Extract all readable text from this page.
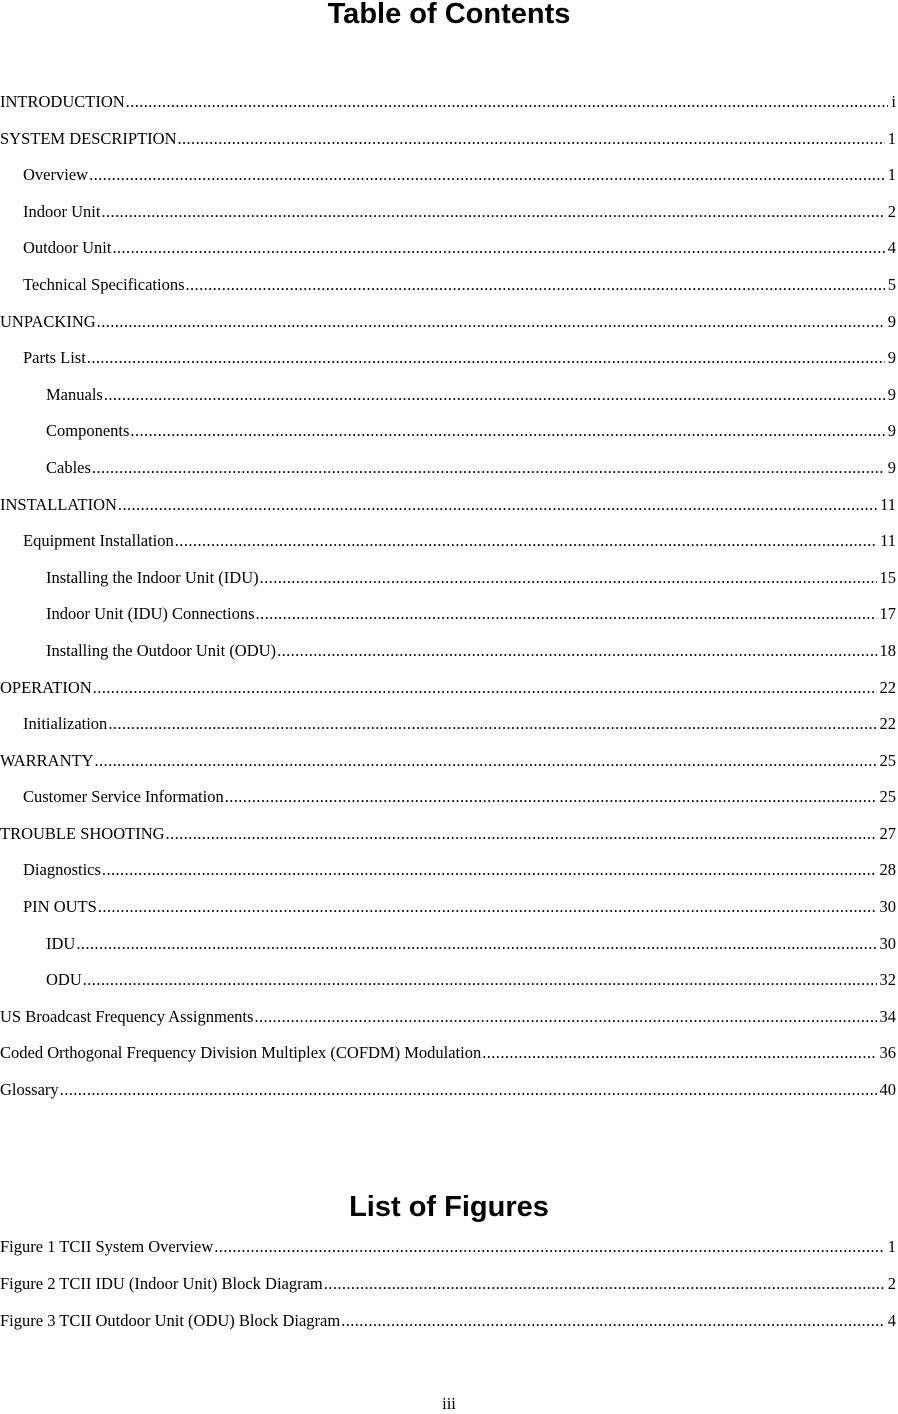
Table of Contents
INTRODUCTION .....	i
SYSTEM DESCRIPTION .....	1
Overview .....	1
Indoor Unit .....	2
Outdoor Unit .....	4
Technical Specifications .....	5
UNPACKING .....	9
Parts List .....	9
Manuals .....	9
Components .....	9
Cables .....	9
INSTALLATION .....	11
Equipment Installation .....	11
Installing the Indoor Unit (IDU) .....	15
Indoor Unit (IDU) Connections .....	17
Installing the Outdoor Unit (ODU) .....	18
OPERATION .....	22
Initialization .....	22
WARRANTY .....	25
Customer Service Information .....	25
TROUBLE SHOOTING .....	27
Diagnostics .....	28
PIN OUTS .....	30
IDU .....	30
ODU .....	32
US Broadcast Frequency Assignments .....	34
Coded Orthogonal Frequency Division Multiplex (COFDM) Modulation .....	36
Glossary .....	40
List of Figures
Figure 1 TCII System Overview .....	1
Figure 2 TCII IDU (Indoor Unit) Block Diagram .....	2
Figure 3 TCII Outdoor Unit (ODU) Block Diagram .....	4
iii
